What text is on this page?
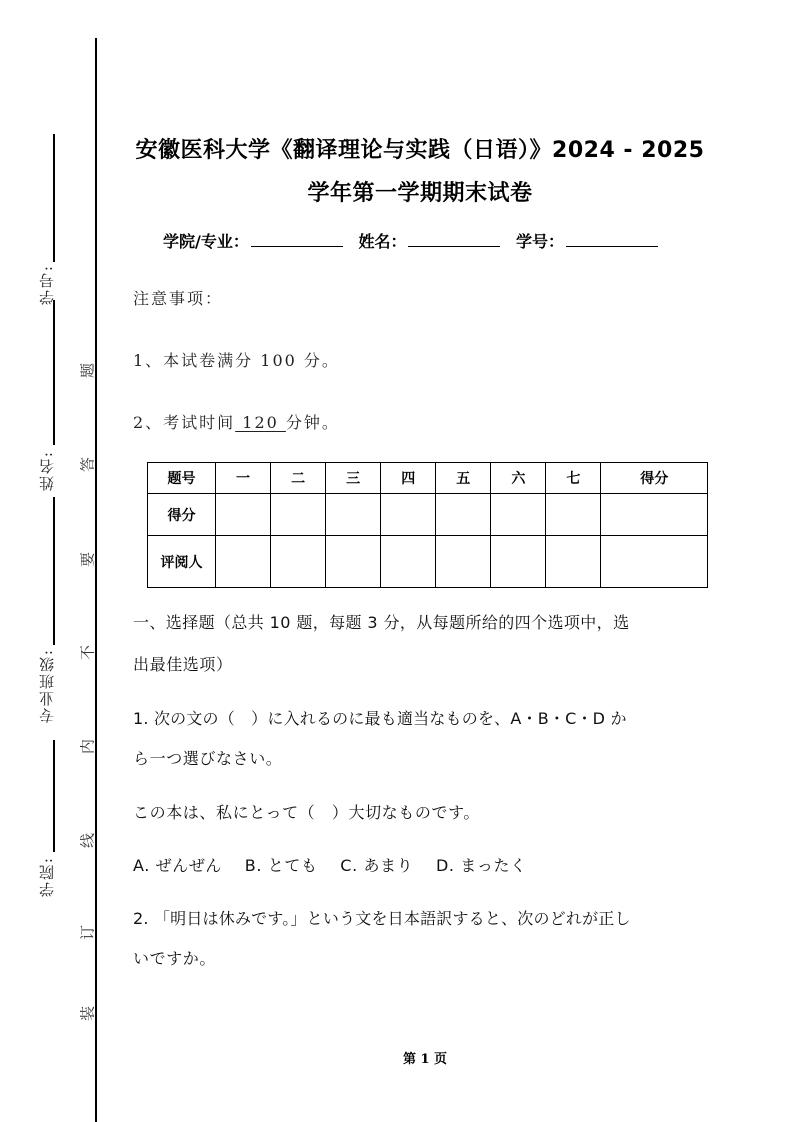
学号:
姓名:
专业班级:
学院:
题
答
要
不
内
线
订
装
安徽医科大学《翻译理论与实践（日语）》2024 - 2025
学年第一学期期末试卷
学院/专业：	姓名：	学号：
注意事项：
1、本试卷满分 100 分。
2、考试时间 120 分钟。
题号	一	二	三	四	五	六	七	得分
得分								
评阅人								
一、选择题（总共 10 题，每题 3 分，从每题所给的四个选项中，选
出最佳选项）
1. 次の文の（　）に入れるのに最も適当なものを、A・B・C・D か
ら一つ選びなさい。
この本は、私にとって（　）大切なものです。
A. ぜんぜん B. とても C. あまり D. まったく
2. 「明日は休みです。」という文を日本語訳すると、次のどれが正し
いですか。
第 1 页
